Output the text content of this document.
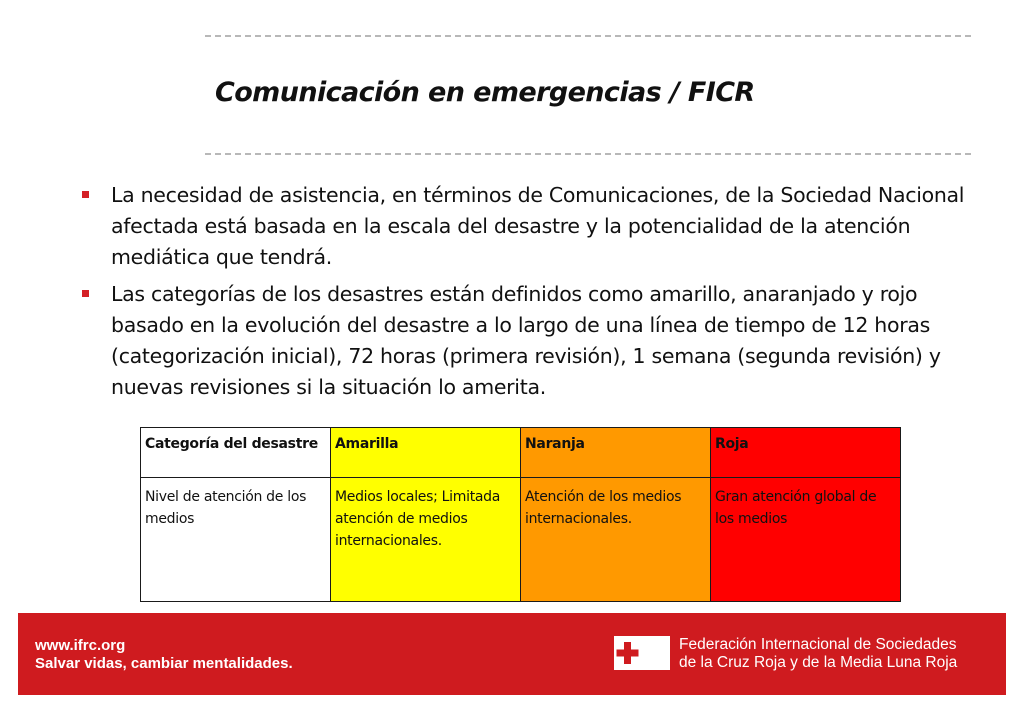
Comunicación en emergencias / FICR
La necesidad de asistencia, en términos de Comunicaciones, de la Sociedad Nacional afectada está basada en la escala del desastre y la potencialidad de la atención mediática que tendrá.
Las categorías de los desastres están definidos como amarillo, anaranjado y rojo basado en la evolución del desastre a lo largo de una línea de tiempo de 12 horas (categorización inicial), 72 horas (primera revisión), 1 semana (segunda revisión) y nuevas revisiones si la situación lo amerita.
Categoría del desastre	Amarilla	Naranja	Roja
Nivel de atención de los medios	Medios locales; Limitada atención de medios internacionales.	Atención de los medios internacionales.	Gran atención global de los medios
www.ifrc.org
Salvar vidas, cambiar mentalidades.
Federación Internacional de Sociedades
de la Cruz Roja y de la Media Luna Roja
